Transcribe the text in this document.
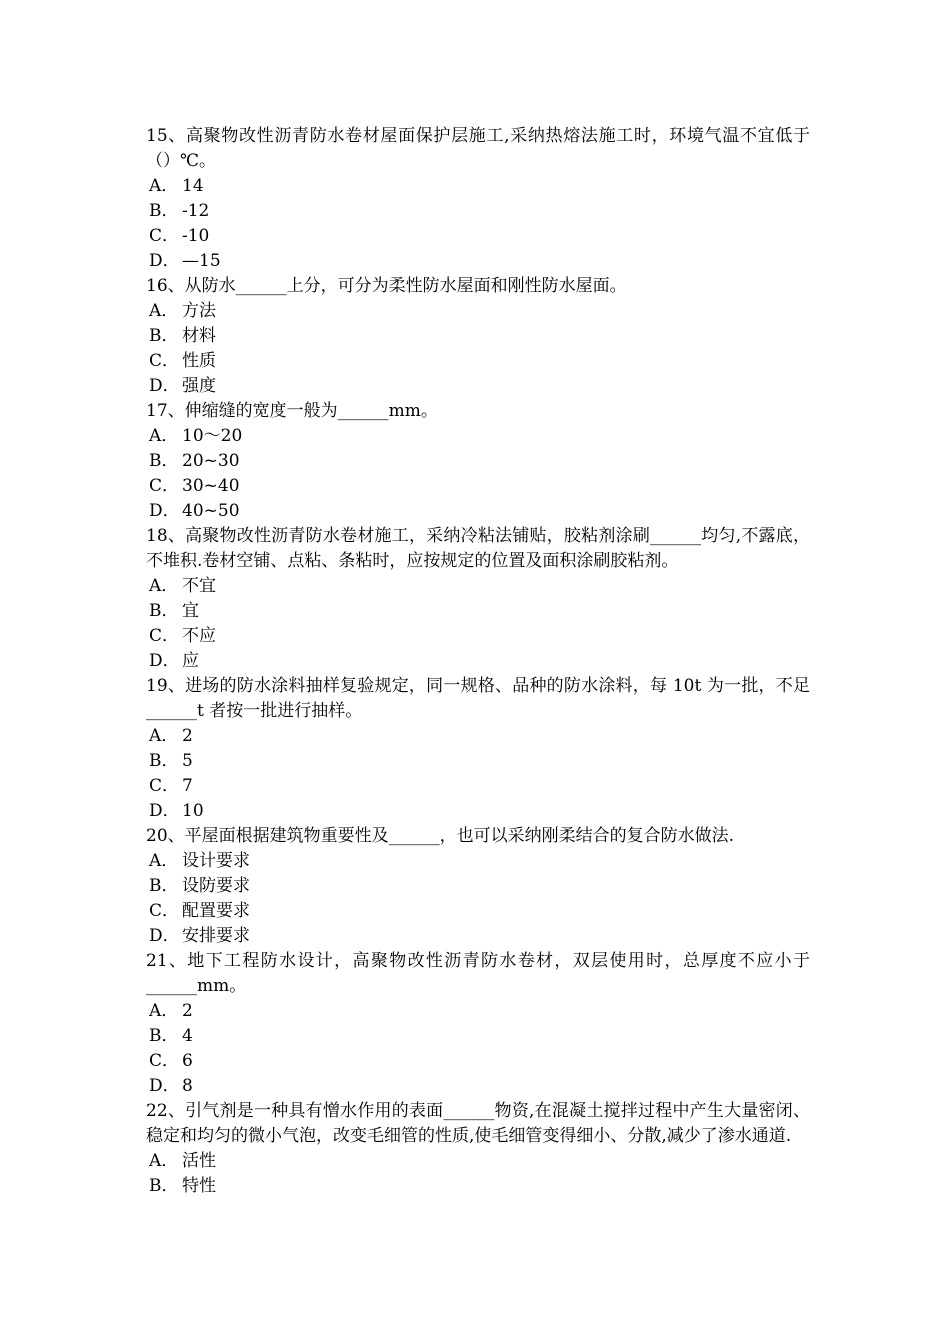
15、高聚物改性沥青防水卷材屋面保护层施工,采纳热熔法施工时，环境气温不宜低于（）℃。
A． 14
B． -12
C． -10
D． —15
16、从防水______上分，可分为柔性防水屋面和刚性防水屋面。
A． 方法
B． 材料
C． 性质
D． 强度
17、伸缩缝的宽度一般为______mm。
A． 10～20
B． 20~30
C． 30~40
D． 40~50
18、高聚物改性沥青防水卷材施工，采纳冷粘法铺贴，胶粘剂涂刷______均匀,不露底，不堆积.卷材空铺、点粘、条粘时，应按规定的位置及面积涂刷胶粘剂。
A． 不宜
B． 宜
C． 不应
D． 应
19、进场的防水涂料抽样复验规定，同一规格、品种的防水涂料，每 10t 为一批，不足______t 者按一批进行抽样。
A． 2
B． 5
C． 7
D． 10
20、平屋面根据建筑物重要性及______，也可以采纳刚柔结合的复合防水做法.
A． 设计要求
B． 设防要求
C． 配置要求
D． 安排要求
21、地下工程防水设计，高聚物改性沥青防水卷材，双层使用时，总厚度不应小于______mm。
A． 2
B． 4
C． 6
D． 8
22、引气剂是一种具有憎水作用的表面______物资,在混凝土搅拌过程中产生大量密闭、稳定和均匀的微小气泡，改变毛细管的性质,使毛细管变得细小、分散,减少了渗水通道.
A． 活性
B． 特性
